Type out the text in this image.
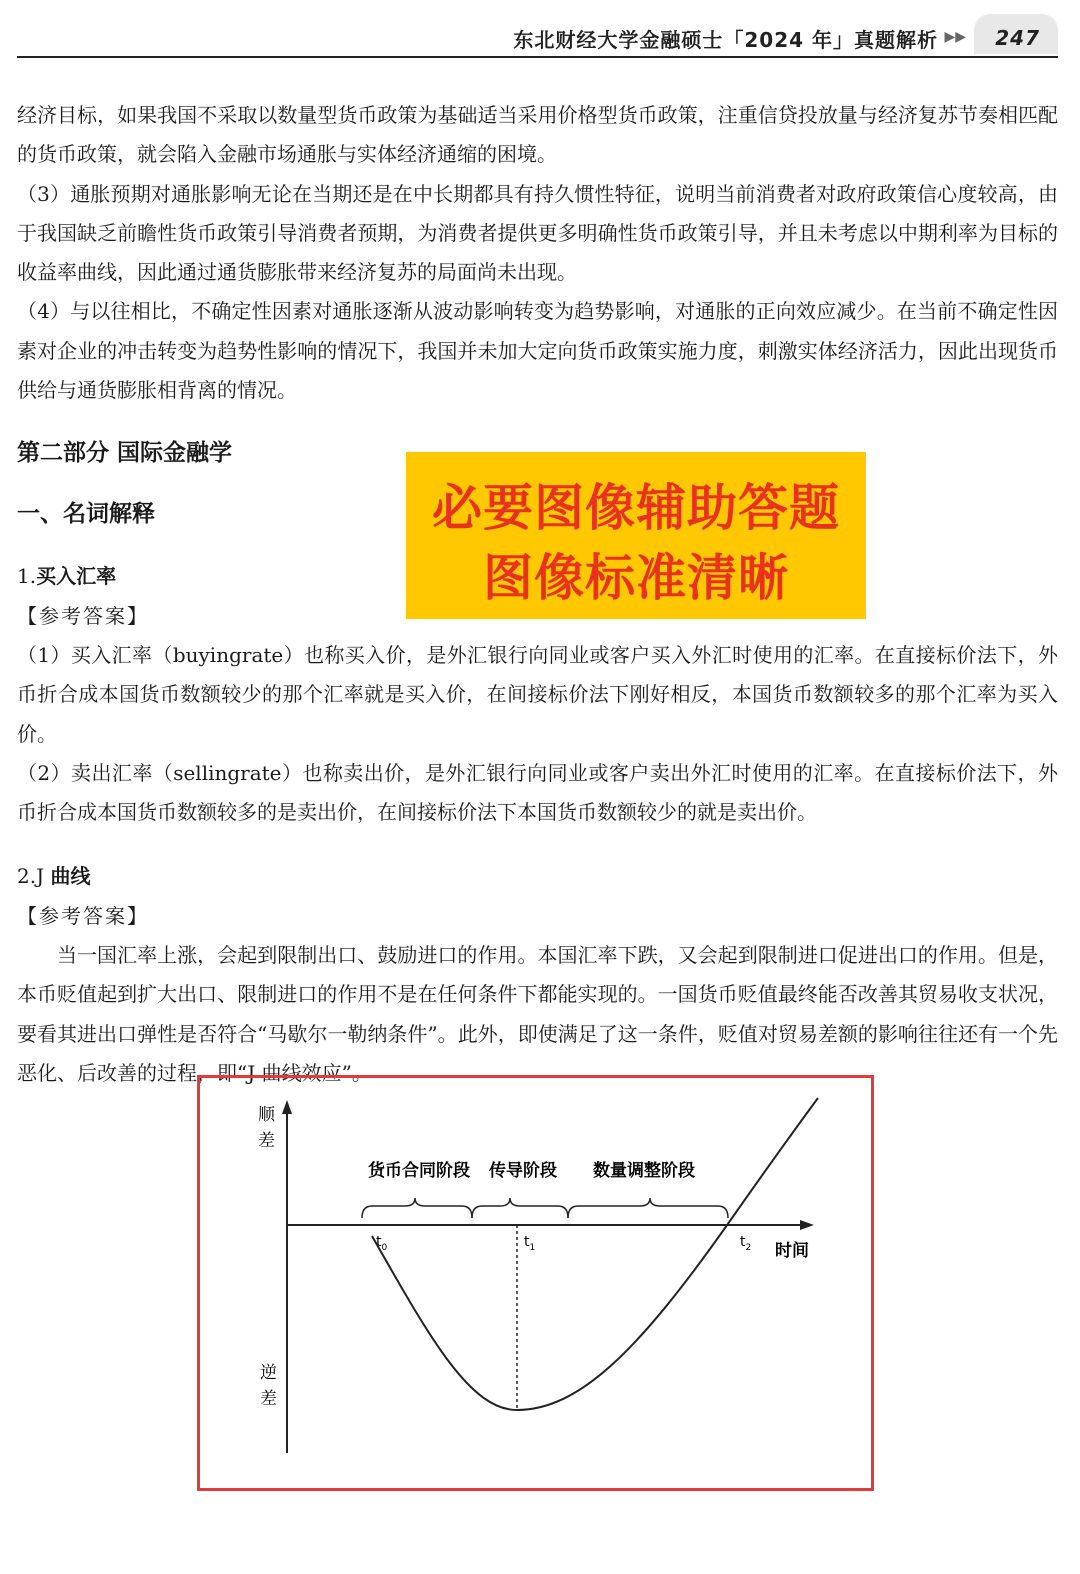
东北财经大学金融硕士「2024 年」真题解析 ▶▶ 247

经济目标，如果我国不采取以数量型货币政策为基础适当采用价格型货币政策，注重信贷投放量与经济复苏节奏相匹配的货币政策，就会陷入金融市场通胀与实体经济通缩的困境。

（3）通胀预期对通胀影响无论在当期还是在中长期都具有持久惯性特征，说明当前消费者对政府政策信心度较高，由于我国缺乏前瞻性货币政策引导消费者预期，为消费者提供更多明确性货币政策引导，并且未考虑以中期利率为目标的收益率曲线，因此通过通货膨胀带来经济复苏的局面尚未出现。

（4）与以往相比，不确定性因素对通胀逐渐从波动影响转变为趋势影响，对通胀的正向效应减少。在当前不确定性因素对企业的冲击转变为趋势性影响的情况下，我国并未加大定向货币政策实施力度，刺激实体经济活力，因此出现货币供给与通货膨胀相背离的情况。

第二部分 国际金融学
一、名词解释	必要图像辅助答题
图像标准清晰
1.买入汇率
【参考答案】

（1）买入汇率（buyingrate）也称买入价，是外汇银行向同业或客户买入外汇时使用的汇率。在直接标价法下，外币折合成本国货币数额较少的那个汇率就是买入价，在间接标价法下刚好相反，本国货币数额较多的那个汇率为买入价。

（2）卖出汇率（sellingrate）也称卖出价，是外汇银行向同业或客户卖出外汇时使用的汇率。在直接标价法下，外币折合成本国货币数额较多的是卖出价，在间接标价法下本国货币数额较少的就是卖出价。

2.J 曲线
【参考答案】

当一国汇率上涨，会起到限制出口、鼓励进口的作用。本国汇率下跌，又会起到限制进口促进出口的作用。但是，本币贬值起到扩大出口、限制进口的作用不是在任何条件下都能实现的。一国货币贬值最终能否改善其贸易收支状况，要看其进出口弹性是否符合“马歇尔一勒纳条件”。此外，即使满足了这一条件，贬值对贸易差额的影响往往还有一个先恶化、后改善的过程，即“J 曲线效应”。

顺
差
逆
差
货币合同阶段 传导阶段 数量调整阶段
$t_0$	$t_1$	$t_2$ 时间
